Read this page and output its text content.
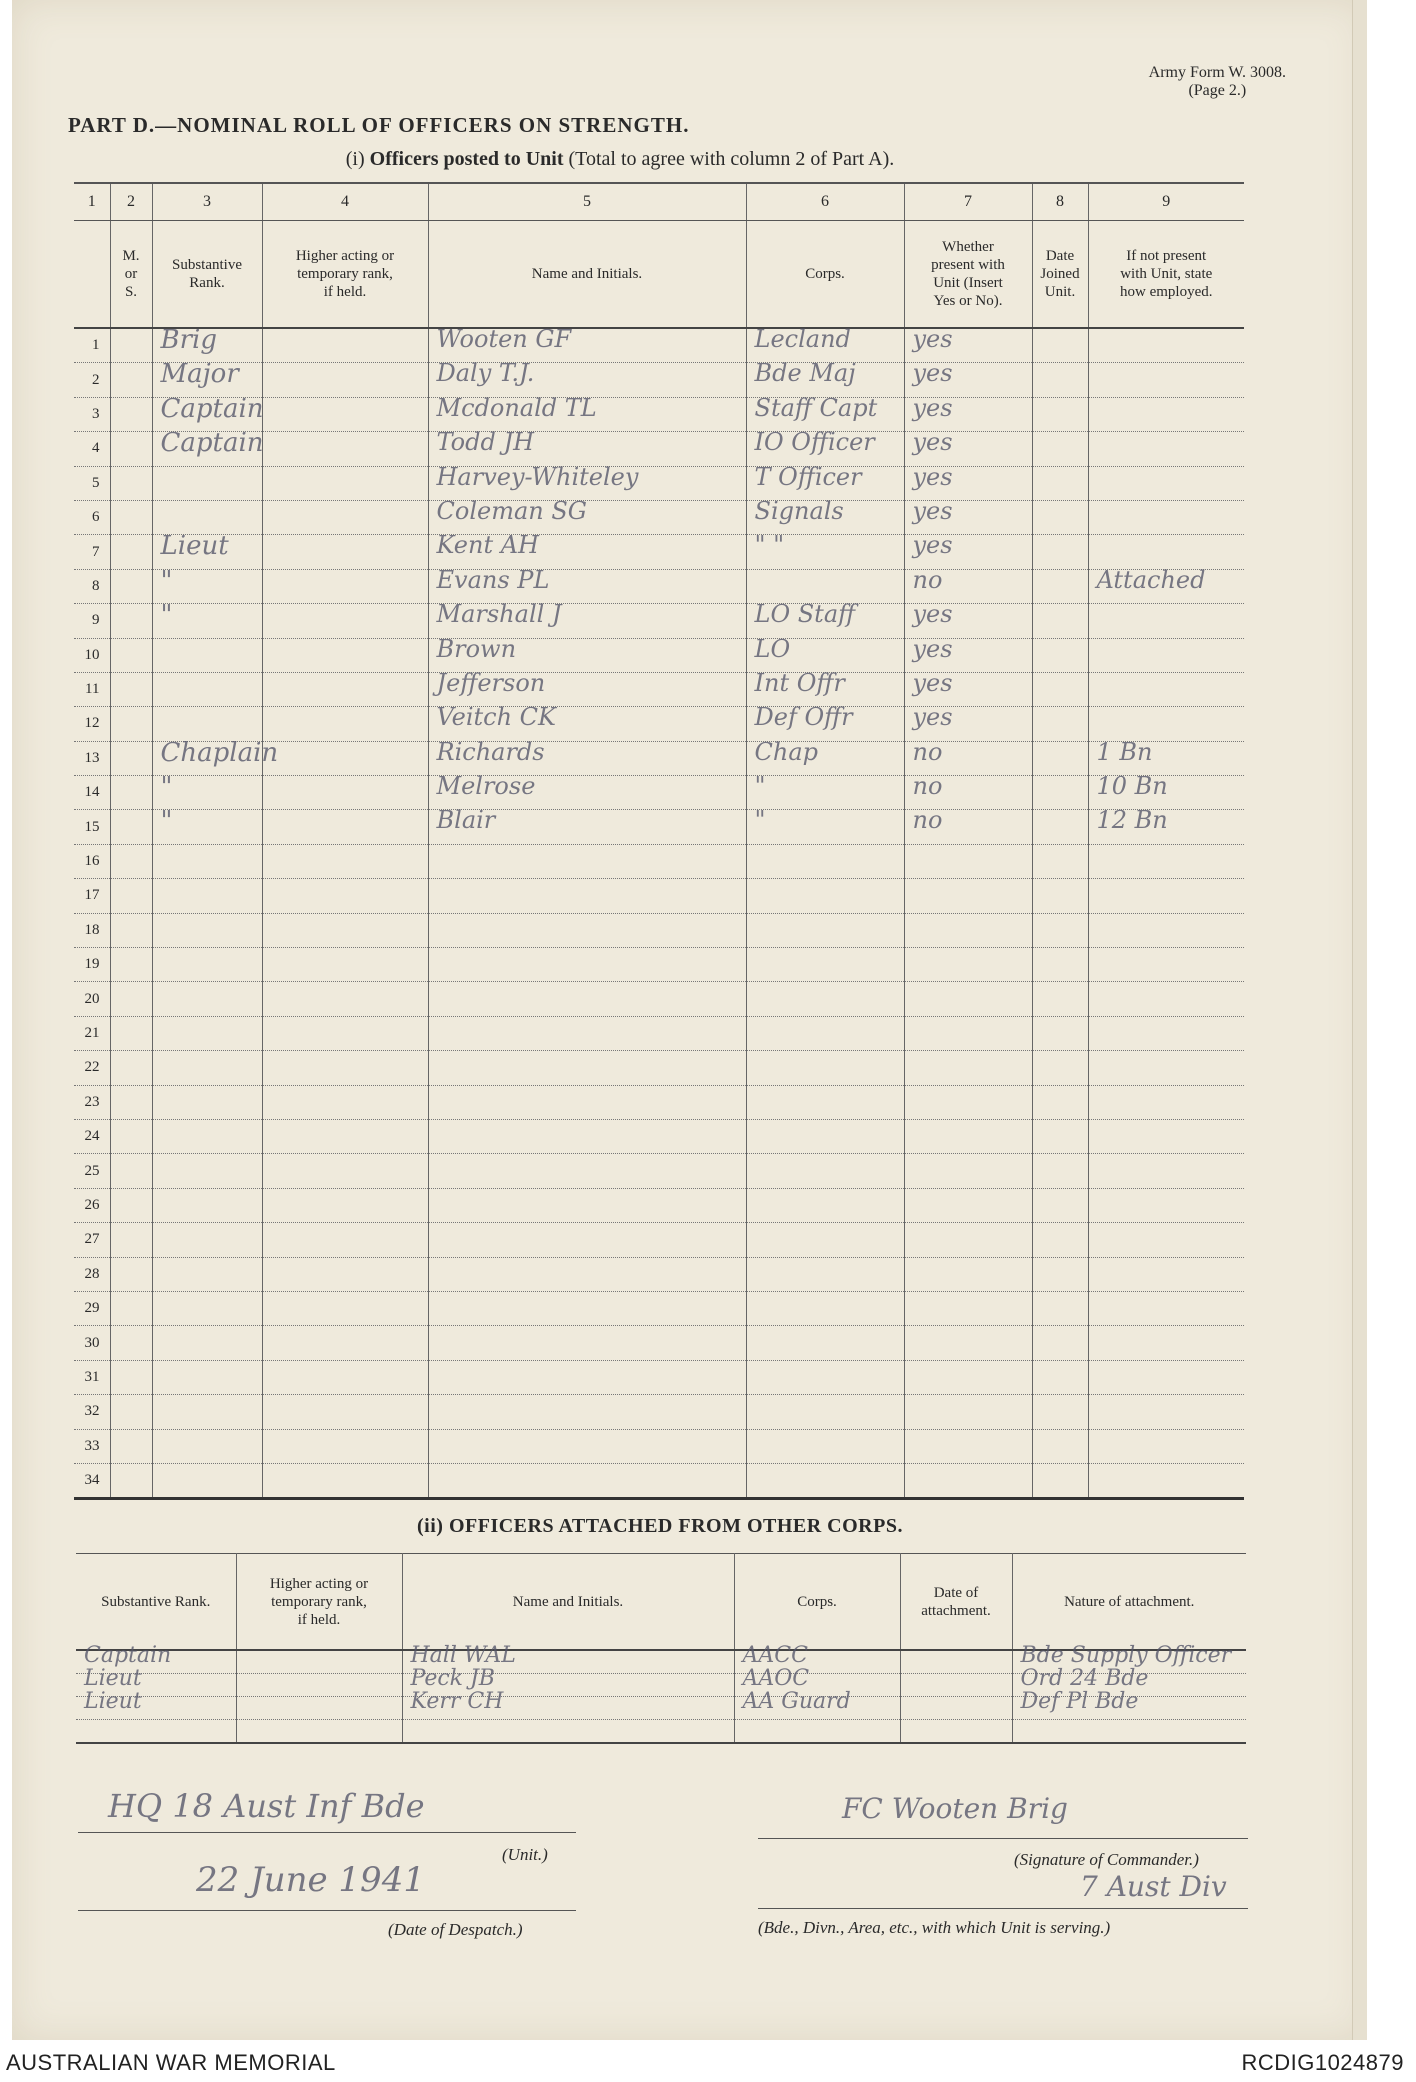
Army Form W. 3008.
(Page 2.)
PART D.—NOMINAL ROLL OF OFFICERS ON STRENGTH.
(i) Officers posted to Unit (Total to agree with column 2 of Part A).
1	2	3	4	5	6	7	8	9
	M.
or
S.	Substantive
Rank.	Higher acting or
temporary rank,
if held.	Name and Initials.	Corps.	Whether
present with
Unit (Insert
Yes or No).	Date
Joined
Unit.	If not present
with Unit, state
how employed.
1		Brig		Wooten GF	Lecland	yes		

2		Major		Daly T.J.	Bde Maj	yes		

3		Captain		Mcdonald TL	Staff Capt	yes		

4		Captain		Todd JH	IO Officer	yes		

5				Harvey-Whiteley	T Officer	yes		

6				Coleman SG	Signals	yes		

7		Lieut		Kent AH	" "	yes		

8		"		Evans PL		no		Attached

9		"		Marshall J	LO Staff	yes		

10				Brown	LO	yes		

11				Jefferson	Int Offr	yes		

12				Veitch CK	Def Offr	yes		

13		Chaplain		Richards	Chap	no		1 Bn

14		"		Melrose	"	no		10 Bn

15		"		Blair	"	no		12 Bn

16								
17								
18								
19								
20								
21								
22								
23								
24								
25								
26								
27								
28								
29								
30								
31								
32								
33								
34								
(ii) OFFICERS ATTACHED FROM OTHER CORPS.
Substantive Rank.	Higher acting or
temporary rank,
if held.	Name and Initials.	Corps.	Date of
attachment.	Nature of attachment.

Captain		Hall WAL	AACC		Bde Supply Officer

Lieut		Peck JB	AAOC		Ord 24 Bde

Lieut		Kerr CH	AA Guard		Def Pl Bde

HQ 18 Aust Inf Bde
(Unit.)
22 June 1941
(Date of Despatch.)
FC Wooten Brig
(Signature of Commander.)
7 Aust Div
(Bde., Divn., Area, etc., with which Unit is serving.)
AUSTRALIAN WAR MEMORIAL	RCDIG1024879
